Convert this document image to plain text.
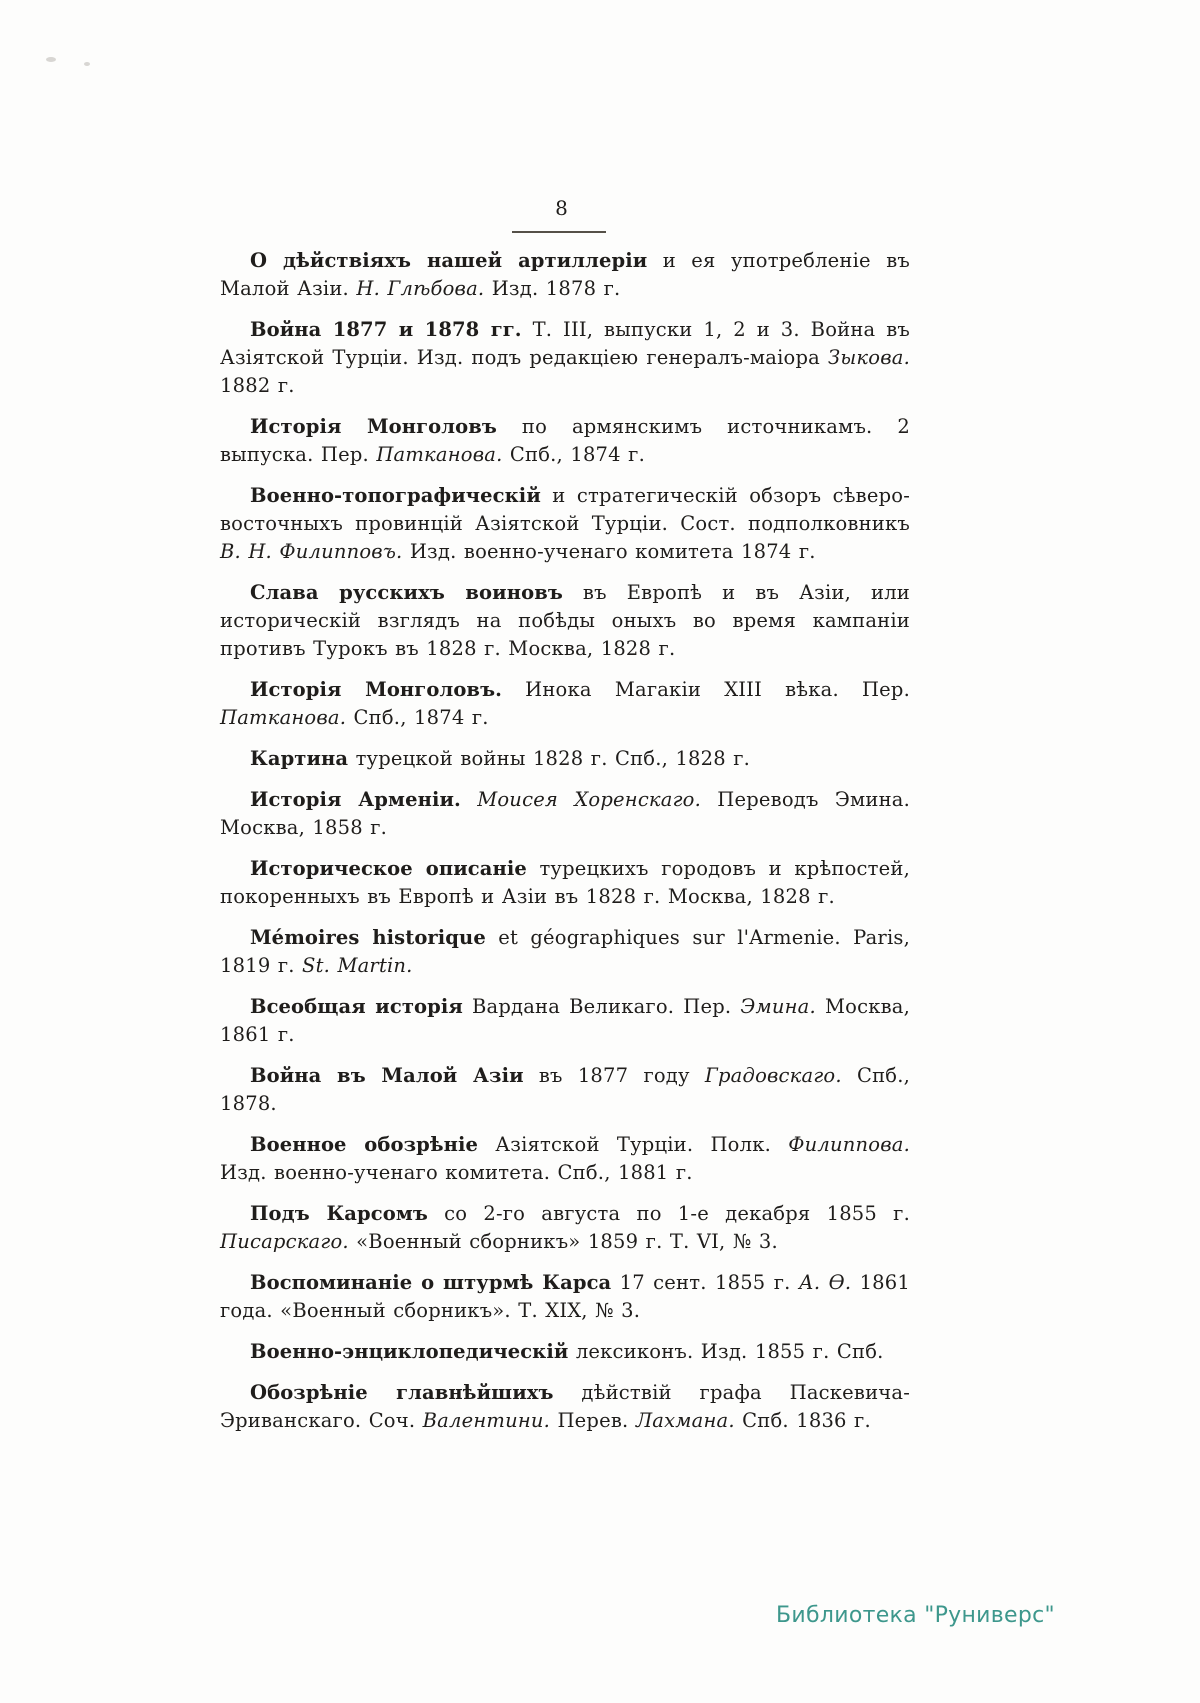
8

О дѣйствіяхъ нашей артиллеріи и ея употребленіе въ Малой Азіи. Н. Глѣбова. Изд. 1878 г.

Война 1877 и 1878 гг. Т. III, выпуски 1, 2 и 3. Война въ Азіятской Турціи. Изд. подъ редакціею генералъ-маіора Зыкова. 1882 г.

Исторія Монголовъ по армянскимъ источникамъ. 2 выпуска. Пер. Патканова. Спб., 1874 г.

Военно-топографическій и стратегическій обзоръ сѣверо-восточныхъ провинцій Азіятской Турціи. Сост. подполковникъ В. Н. Филипповъ. Изд. военно-ученаго комитета 1874 г.

Слава русскихъ воиновъ въ Европѣ и въ Азіи, или историческій взглядъ на побѣды оныхъ во время кампаніи противъ Турокъ въ 1828 г. Москва, 1828 г.

Исторія Монголовъ. Инока Магакіи XIII вѣка. Пер. Патканова. Спб., 1874 г.

Картина турецкой войны 1828 г. Спб., 1828 г.

Исторія Арменіи. Моисея Хоренскаго. Переводъ Эмина. Москва, 1858 г.

Историческое описаніе турецкихъ городовъ и крѣпостей, покоренныхъ въ Европѣ и Азіи въ 1828 г. Москва, 1828 г.

Mémoires historique et géographiques sur l'Armenie. Paris, 1819 г. St. Martin.

Всеобщая исторія Вардана Великаго. Пер. Эмина. Москва, 1861 г.

Война въ Малой Азіи въ 1877 году Градовскаго. Спб., 1878.

Военное обозрѣніе Азіятской Турціи. Полк. Филиппова. Изд. военно-ученаго комитета. Спб., 1881 г.

Подъ Карсомъ со 2-го августа по 1-е декабря 1855 г. Писарскаго. «Военный сборникъ» 1859 г. Т. VI, № 3.

Воспоминаніе о штурмѣ Карса 17 сент. 1855 г. А. Ѳ. 1861 года. «Военный сборникъ». Т. XIX, № 3.

Военно-энциклопедическій лексиконъ. Изд. 1855 г. Спб.

Обозрѣніе главнѣйшихъ дѣйствій графа Паскевича-Эриванскаго. Соч. Валентини. Перев. Лахмана. Спб. 1836 г.

Библиотека "Руниверс"
